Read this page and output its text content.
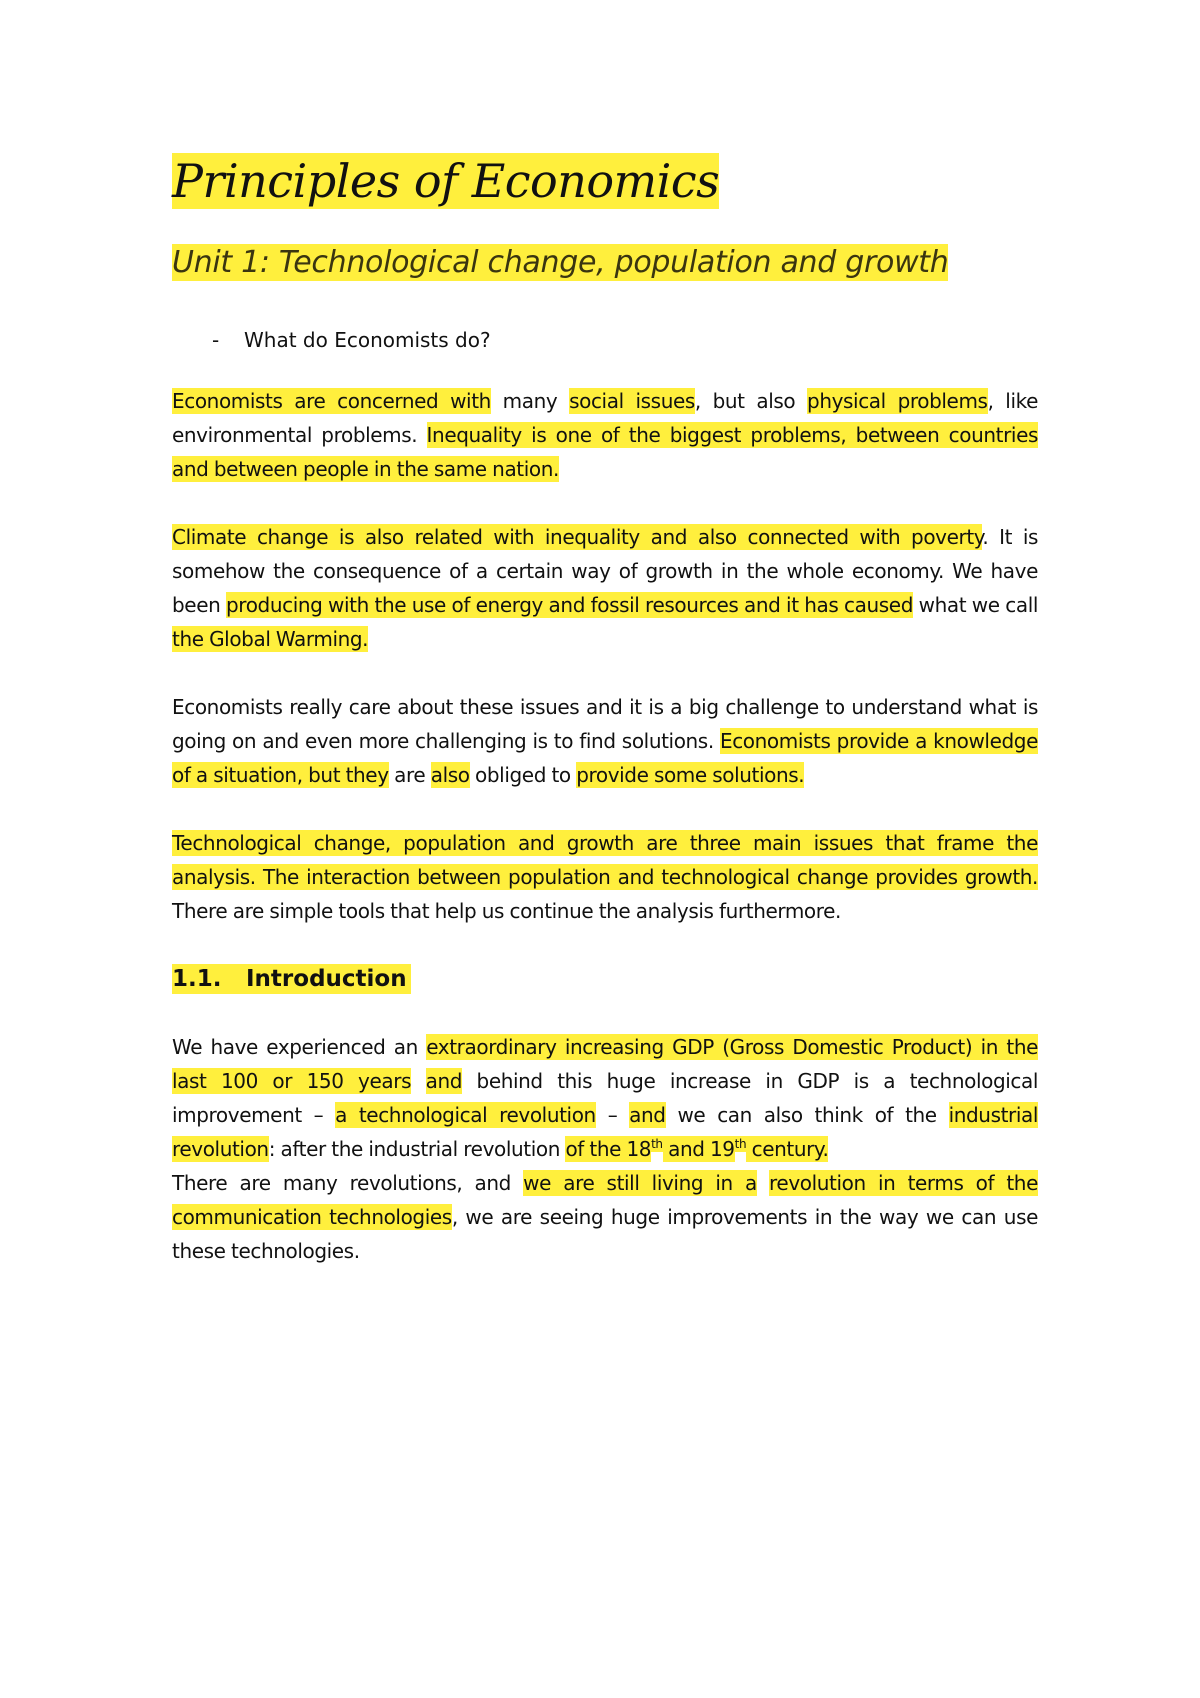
Principles of Economics
Unit 1: Technological change, population and growth
-	What do Economists do?

Economists are concerned with many social issues, but also physical problems, like environmental problems. Inequality is one of the biggest problems, between countries and between people in the same nation.

Climate change is also related with inequality and also connected with poverty. It is somehow the consequence of a certain way of growth in the whole economy. We have been producing with the use of energy and fossil resources and it has caused what we call the Global Warming.

Economists really care about these issues and it is a big challenge to understand what is going on and even more challenging is to find solutions. Economists provide a knowledge of a situation, but they are also obliged to provide some solutions.

Technological change, population and growth are three main issues that frame the analysis. The interaction between population and technological change provides growth. There are simple tools that help us continue the analysis furthermore.

1.1. Introduction

We have experienced an extraordinary increasing GDP (Gross Domestic Product) in the last 100 or 150 years and behind this huge increase in GDP is a technological improvement – a technological revolution – and we can also think of the industrial revolution: after the industrial revolution of the 18th and 19th century.

There are many revolutions, and we are still living in a revolution in terms of the communication technologies, we are seeing huge improvements in the way we can use these technologies.
